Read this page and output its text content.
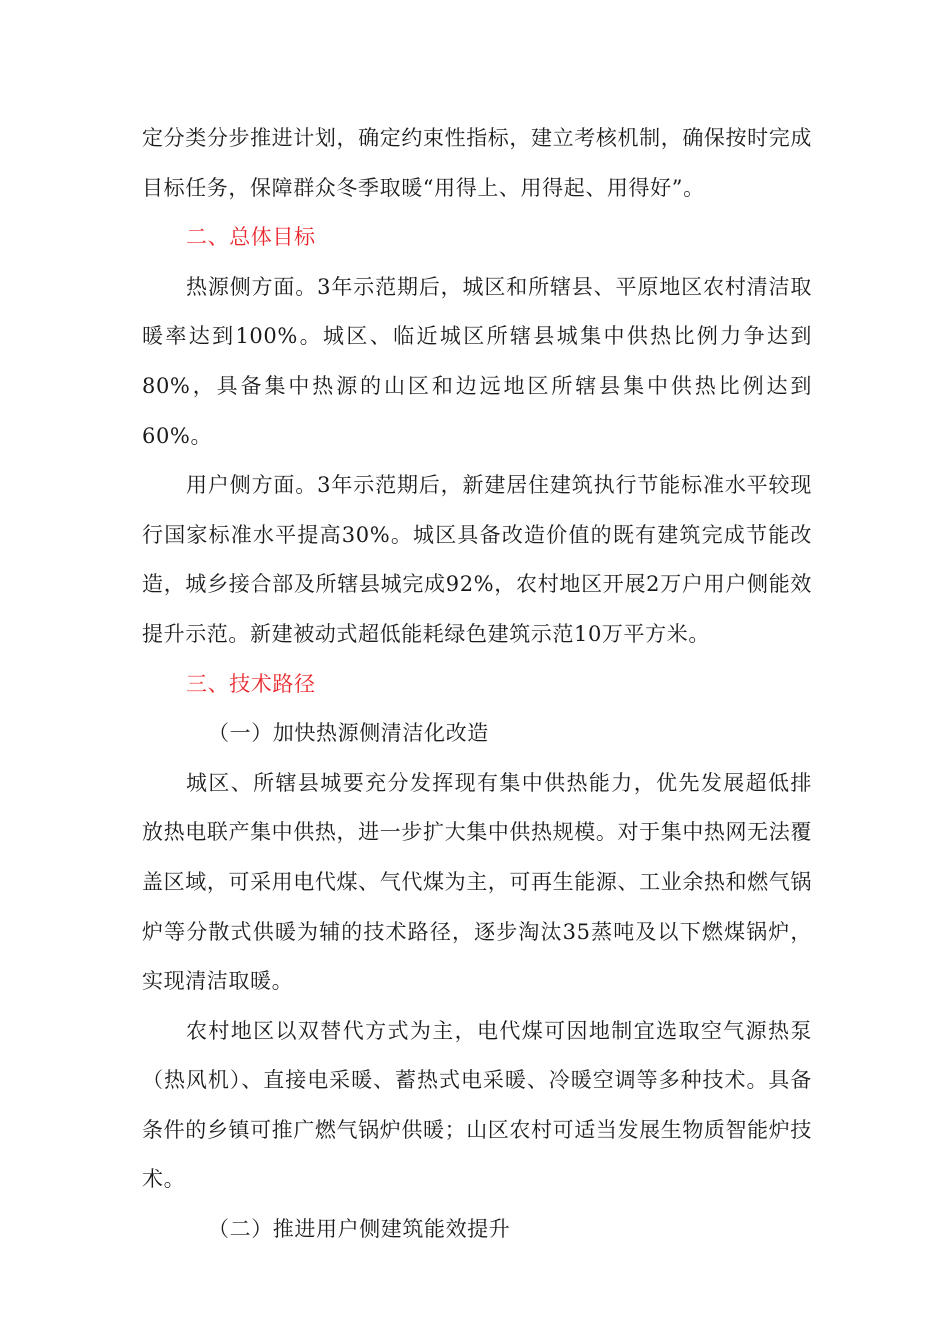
定分类分步推进计划，确定约束性指标，建立考核机制，确保按时完成目标任务，保障群众冬季取暖“用得上、用得起、用得好”。

二、总体目标

热源侧方面。3年示范期后，城区和所辖县、平原地区农村清洁取暖率达到100%。城区、临近城区所辖县城集中供热比例力争达到80%，具备集中热源的山区和边远地区所辖县集中供热比例达到60%。

用户侧方面。3年示范期后，新建居住建筑执行节能标准水平较现行国家标准水平提高30%。城区具备改造价值的既有建筑完成节能改造，城乡接合部及所辖县城完成92%，农村地区开展2万户用户侧能效提升示范。新建被动式超低能耗绿色建筑示范10万平方米。

三、技术路径

（一）加快热源侧清洁化改造

城区、所辖县城要充分发挥现有集中供热能力，优先发展超低排放热电联产集中供热，进一步扩大集中供热规模。对于集中热网无法覆盖区域，可采用电代煤、气代煤为主，可再生能源、工业余热和燃气锅炉等分散式供暖为辅的技术路径，逐步淘汰35蒸吨及以下燃煤锅炉，实现清洁取暖。

农村地区以双替代方式为主，电代煤可因地制宜选取空气源热泵（热风机）、直接电采暖、蓄热式电采暖、冷暖空调等多种技术。具备条件的乡镇可推广燃气锅炉供暖；山区农村可适当发展生物质智能炉技术。

（二）推进用户侧建筑能效提升
